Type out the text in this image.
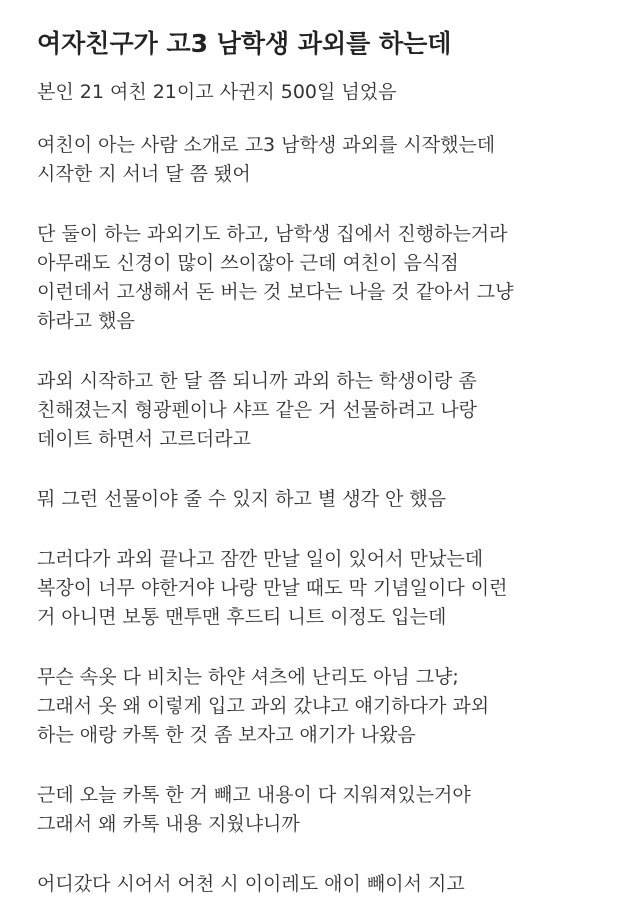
여자친구가 고3 남학생 과외를 하는데

본인 21 여친 21이고 사귄지 500일 넘었음

여친이 아는 사람 소개로 고3 남학생 과외를 시작했는데
시작한 지 서너 달 쯤 됐어

단 둘이 하는 과외기도 하고, 남학생 집에서 진행하는거라
아무래도 신경이 많이 쓰이잖아 근데 여친이 음식점
이런데서 고생해서 돈 버는 것 보다는 나을 것 같아서 그냥
하라고 했음

과외 시작하고 한 달 쯤 되니까 과외 하는 학생이랑 좀
친해졌는지 형광펜이나 샤프 같은 거 선물하려고 나랑
데이트 하면서 고르더라고

뭐 그런 선물이야 줄 수 있지 하고 별 생각 안 했음

그러다가 과외 끝나고 잠깐 만날 일이 있어서 만났는데
복장이 너무 야한거야 나랑 만날 때도 막 기념일이다 이런
거 아니면 보통 맨투맨 후드티 니트 이정도 입는데

무슨 속옷 다 비치는 하얀 셔츠에 난리도 아님 그냥;
그래서 옷 왜 이렇게 입고 과외 갔냐고 얘기하다가 과외
하는 애랑 카톡 한 것 좀 보자고 얘기가 나왔음

근데 오늘 카톡 한 거 빼고 내용이 다 지워져있는거야
그래서 왜 카톡 내용 지웠냐니까

어디갔다 시어서 어천 시 이이레도 애이 빼이서 지고
